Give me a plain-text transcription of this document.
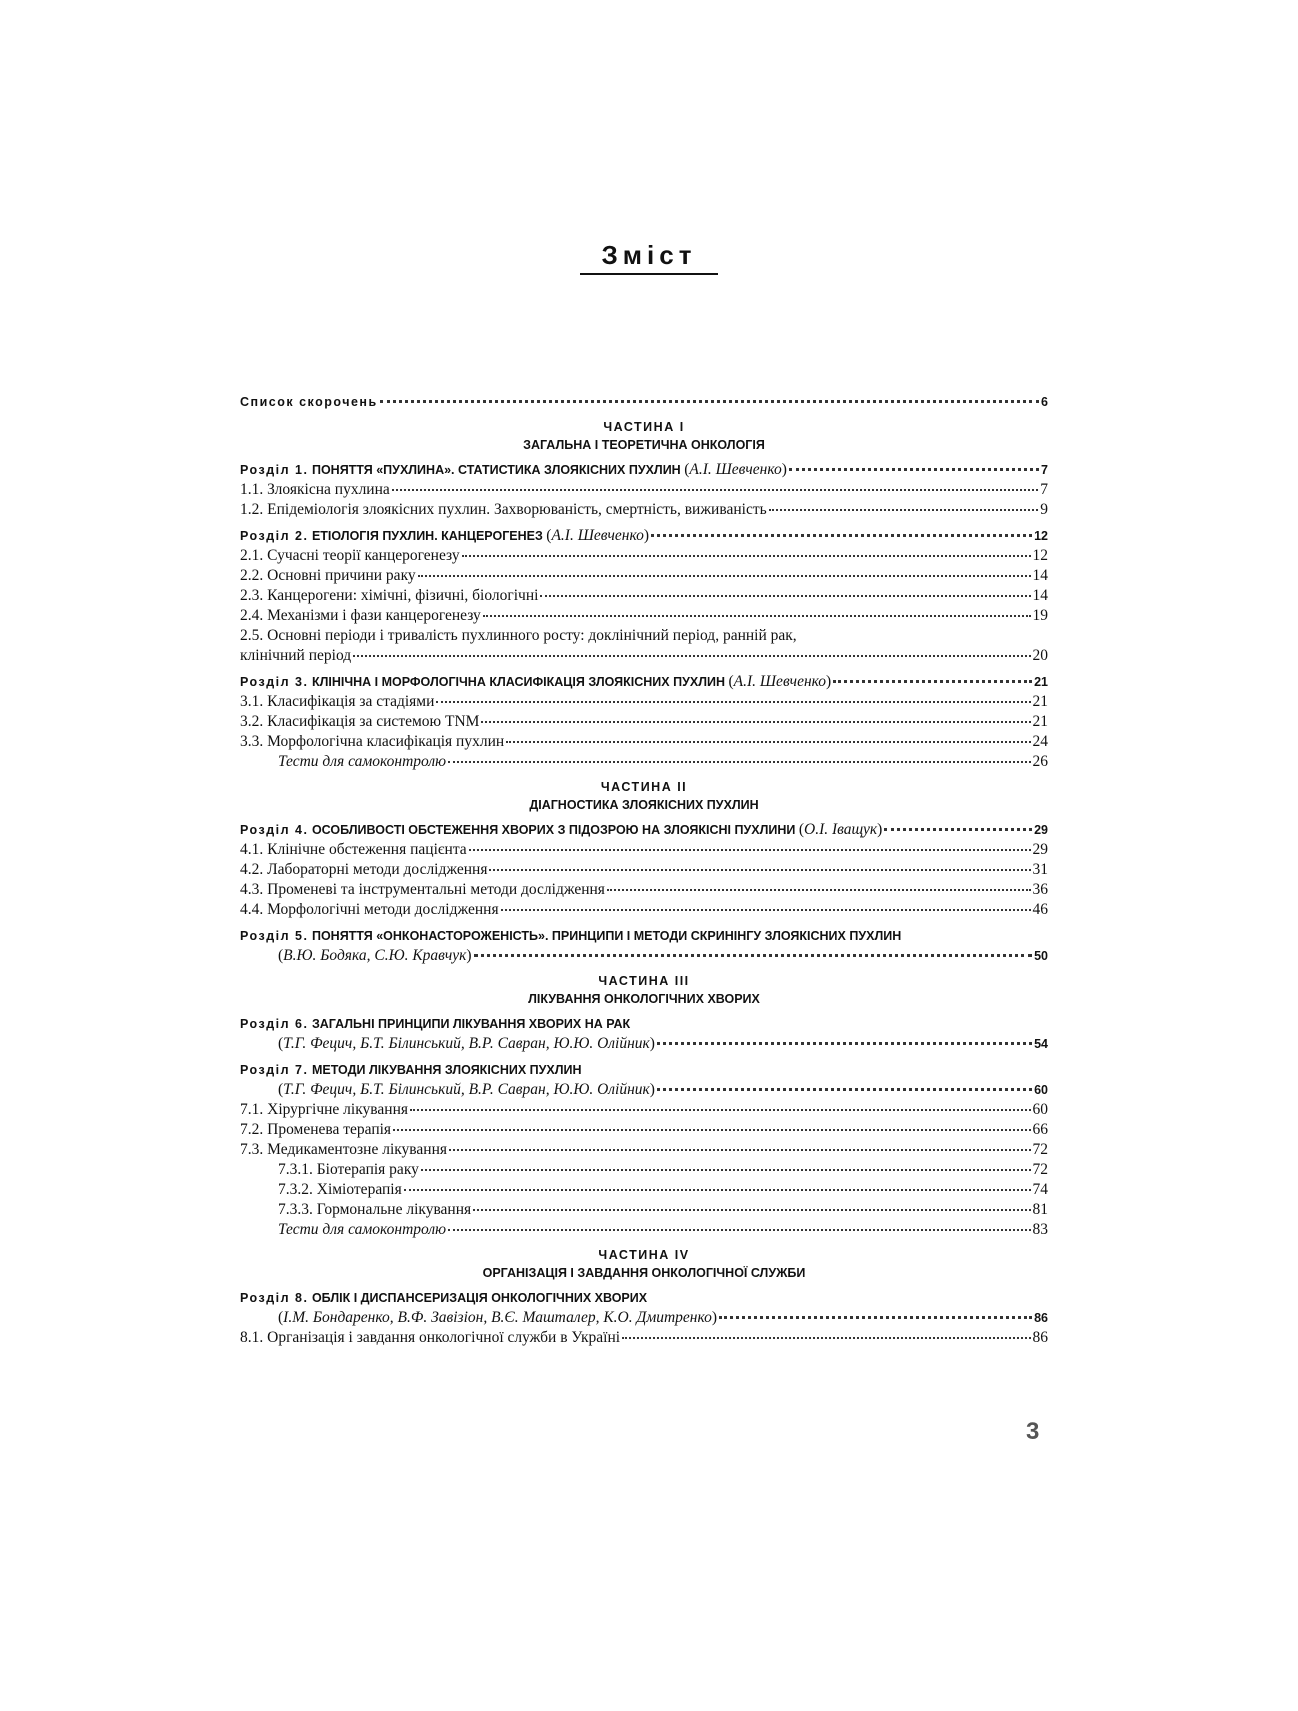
Зміст
Список скорочень	6
ЧАСТИНА I
ЗАГАЛЬНА І ТЕОРЕТИЧНА ОНКОЛОГІЯ
Розділ 1. ПОНЯТТЯ «ПУХЛИНА». СТАТИСТИКА ЗЛОЯКІСНИХ ПУХЛИН (А.І. Шевченко)	7
1.1. Злоякісна пухлина	7
1.2. Епідеміологія злоякісних пухлин. Захворюваність, смертність, виживаність	9
Розділ 2. ЕТІОЛОГІЯ ПУХЛИН. КАНЦЕРОГЕНЕЗ (А.І. Шевченко)	12
2.1. Сучасні теорії канцерогенезу	12
2.2. Основні причини раку	14
2.3. Канцерогени: хімічні, фізичні, біологічні	14
2.4. Механізми і фази канцерогенезу	19
2.5. Основні періоди і тривалість пухлинного росту: доклінічний період, ранній рак,
клінічний період	20
Розділ 3. КЛІНІЧНА І МОРФОЛОГІЧНА КЛАСИФІКАЦІЯ ЗЛОЯКІСНИХ ПУХЛИН (А.І. Шевченко)	21
3.1. Класифікація за стадіями	21
3.2. Класифікація за системою TNM	21
3.3. Морфологічна класифікація пухлин	24
Тести для самоконтролю	26
ЧАСТИНА II
ДІАГНОСТИКА ЗЛОЯКІСНИХ ПУХЛИН
Розділ 4. ОСОБЛИВОСТІ ОБСТЕЖЕННЯ ХВОРИХ З ПІДОЗРОЮ НА ЗЛОЯКІСНІ ПУХЛИНИ (О.І. Іващук)	29
4.1. Клінічне обстеження пацієнта	29
4.2. Лабораторні методи дослідження	31
4.3. Променеві та інструментальні методи дослідження	36
4.4. Морфологічні методи дослідження	46
Розділ 5. ПОНЯТТЯ «ОНКОНАСТОРОЖЕНІСТЬ». ПРИНЦИПИ І МЕТОДИ СКРИНІНГУ ЗЛОЯКІСНИХ ПУХЛИН
(В.Ю. Бодяка, С.Ю. Кравчук)	50
ЧАСТИНА III
ЛІКУВАННЯ ОНКОЛОГІЧНИХ ХВОРИХ
Розділ 6. ЗАГАЛЬНІ ПРИНЦИПИ ЛІКУВАННЯ ХВОРИХ НА РАК
(Т.Г. Фецич, Б.Т. Білинський, В.Р. Савран, Ю.Ю. Олійник)	54
Розділ 7. МЕТОДИ ЛІКУВАННЯ ЗЛОЯКІСНИХ ПУХЛИН
(Т.Г. Фецич, Б.Т. Білинський, В.Р. Савран, Ю.Ю. Олійник)	60
7.1. Хірургічне лікування	60
7.2. Променева терапія	66
7.3. Медикаментозне лікування	72
7.3.1. Біотерапія раку	72
7.3.2. Хіміотерапія	74
7.3.3. Гормональне лікування	81
Тести для самоконтролю	83
ЧАСТИНА IV
ОРГАНІЗАЦІЯ І ЗАВДАННЯ ОНКОЛОГІЧНОЇ СЛУЖБИ
Розділ 8. ОБЛІК І ДИСПАНСЕРИЗАЦІЯ ОНКОЛОГІЧНИХ ХВОРИХ
(І.М. Бондаренко, В.Ф. Завізіон, В.Є. Машталер, К.О. Дмитренко)	86
8.1. Організація і завдання онкологічної служби в Україні	86
3
